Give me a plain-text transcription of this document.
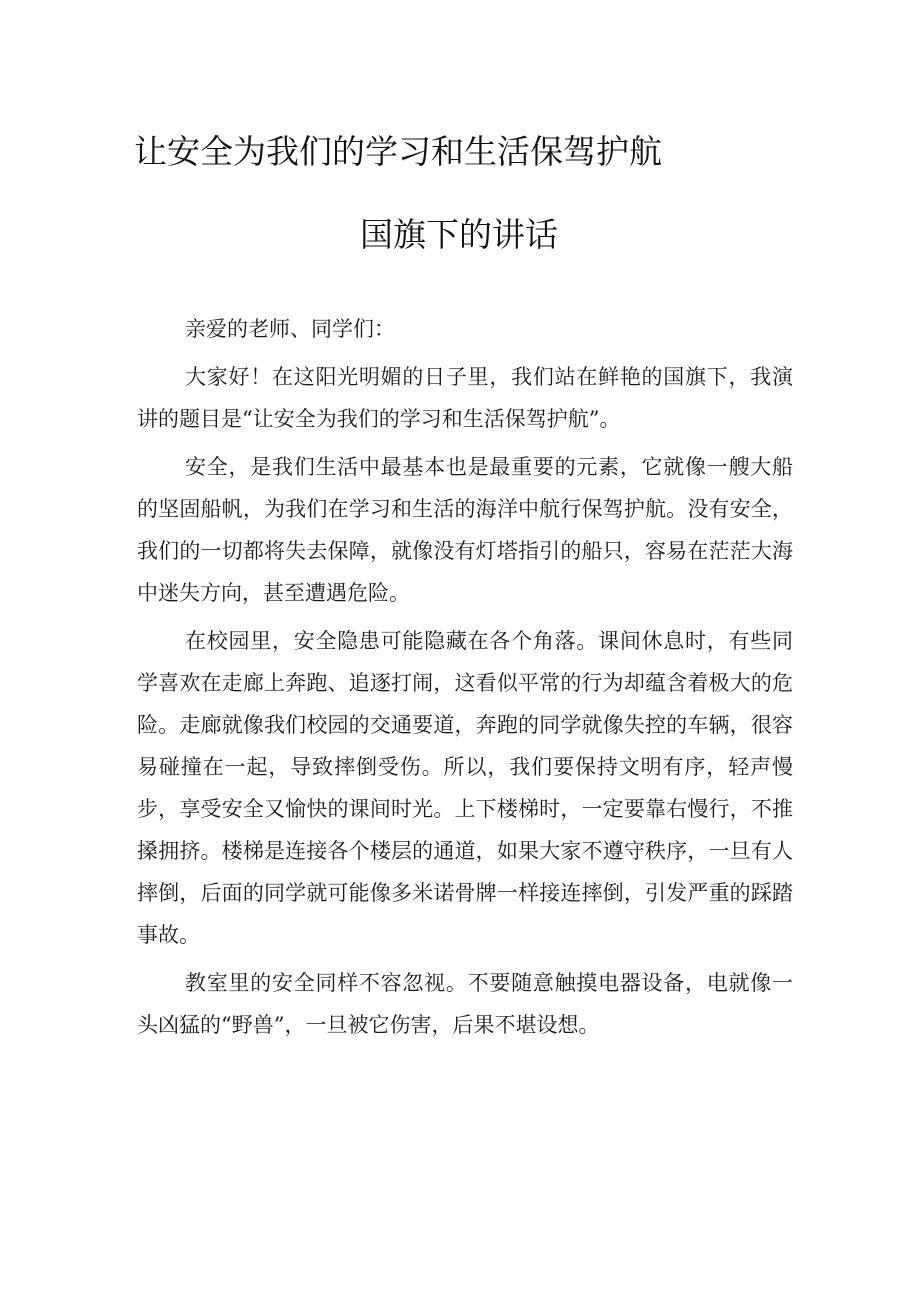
让安全为我们的学习和生活保驾护航
国旗下的讲话

亲爱的老师、同学们：

大家好！在这阳光明媚的日子里，我们站在鲜艳的国旗下，我演讲的题目是“让安全为我们的学习和生活保驾护航”。

安全，是我们生活中最基本也是最重要的元素，它就像一艘大船的坚固船帆，为我们在学习和生活的海洋中航行保驾护航。没有安全，我们的一切都将失去保障，就像没有灯塔指引的船只，容易在茫茫大海中迷失方向，甚至遭遇危险。

在校园里，安全隐患可能隐藏在各个角落。课间休息时，有些同学喜欢在走廊上奔跑、追逐打闹，这看似平常的行为却蕴含着极大的危险。走廊就像我们校园的交通要道，奔跑的同学就像失控的车辆，很容易碰撞在一起，导致摔倒受伤。所以，我们要保持文明有序，轻声慢步，享受安全又愉快的课间时光。上下楼梯时，一定要靠右慢行，不推搡拥挤。楼梯是连接各个楼层的通道，如果大家不遵守秩序，一旦有人摔倒，后面的同学就可能像多米诺骨牌一样接连摔倒，引发严重的踩踏事故。

教室里的安全同样不容忽视。不要随意触摸电器设备，电就像一头凶猛的“野兽”，一旦被它伤害，后果不堪设想。
